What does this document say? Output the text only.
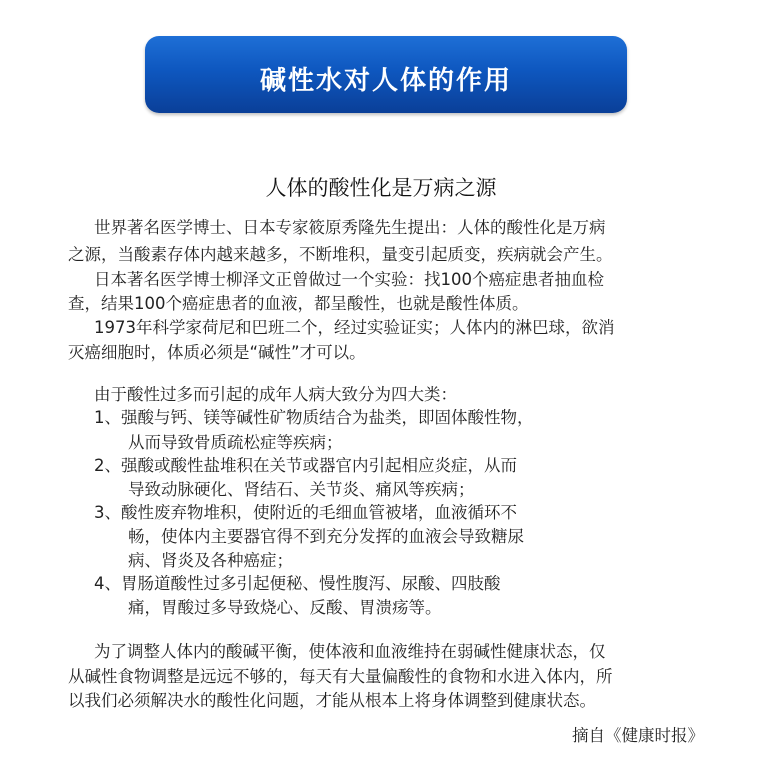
碱性水对人体的作用
人体的酸性化是万病之源
世界著名医学博士、日本专家筱原秀隆先生提出：人体的酸性化是万病
之源，当酸素存体内越来越多，不断堆积，量变引起质变，疾病就会产生。
日本著名医学博士柳泽文正曾做过一个实验：找100个癌症患者抽血检
查，结果100个癌症患者的血液，都呈酸性，也就是酸性体质。
1973年科学家荷尼和巴班二个，经过实验证实；人体内的淋巴球，欲消
灭癌细胞时，体质必须是“碱性”才可以。
由于酸性过多而引起的成年人病大致分为四大类：
1、强酸与钙、镁等碱性矿物质结合为盐类，即固体酸性物，
从而导致骨质疏松症等疾病；
2、强酸或酸性盐堆积在关节或器官内引起相应炎症，从而
导致动脉硬化、肾结石、关节炎、痛风等疾病；
3、酸性废弃物堆积，使附近的毛细血管被堵，血液循环不
畅，使体内主要器官得不到充分发挥的血液会导致糖尿
病、肾炎及各种癌症；
4、胃肠道酸性过多引起便秘、慢性腹泻、尿酸、四肢酸
痛，胃酸过多导致烧心、反酸、胃溃疡等。
为了调整人体内的酸碱平衡，使体液和血液维持在弱碱性健康状态，仅
从碱性食物调整是远远不够的，每天有大量偏酸性的食物和水进入体内，所
以我们必须解决水的酸性化问题，才能从根本上将身体调整到健康状态。
摘自《健康时报》
